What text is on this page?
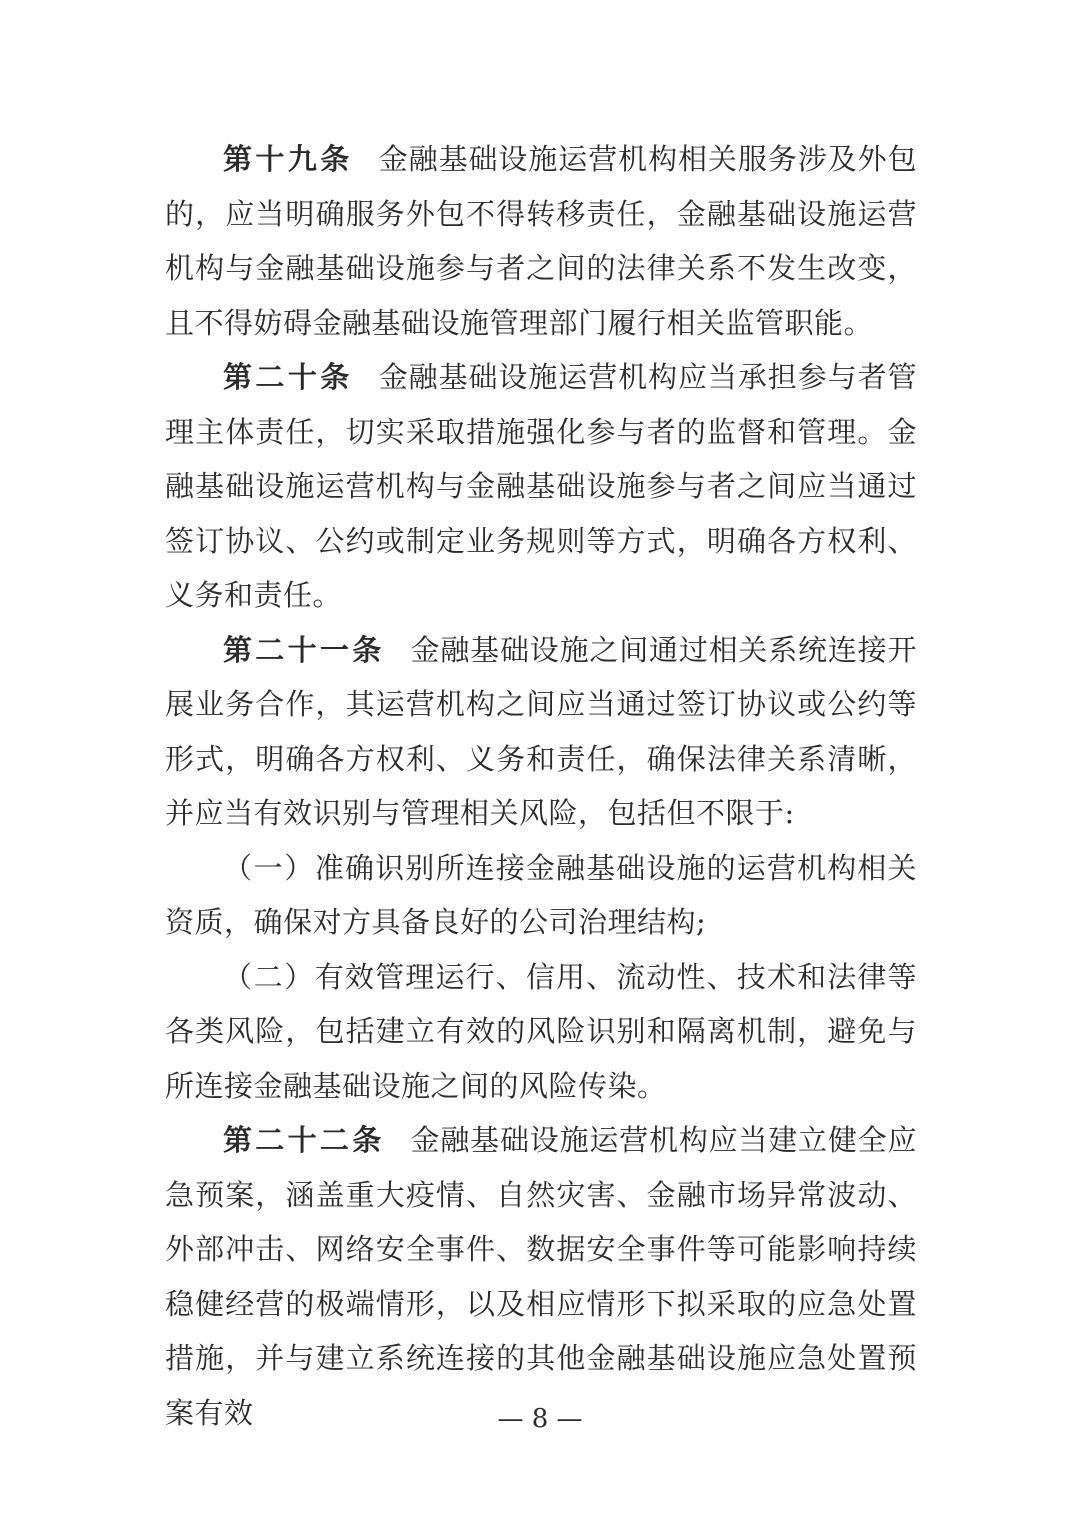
第十九条 金融基础设施运营机构相关服务涉及外包的，应当明确服务外包不得转移责任，金融基础设施运营机构与金融基础设施参与者之间的法律关系不发生改变，且不得妨碍金融基础设施管理部门履行相关监管职能。

第二十条 金融基础设施运营机构应当承担参与者管理主体责任，切实采取措施强化参与者的监督和管理。金融基础设施运营机构与金融基础设施参与者之间应当通过签订协议、公约或制定业务规则等方式，明确各方权利、义务和责任。

第二十一条 金融基础设施之间通过相关系统连接开展业务合作，其运营机构之间应当通过签订协议或公约等形式，明确各方权利、义务和责任，确保法律关系清晰，并应当有效识别与管理相关风险，包括但不限于:

（一）准确识别所连接金融基础设施的运营机构相关资质，确保对方具备良好的公司治理结构;

（二）有效管理运行、信用、流动性、技术和法律等各类风险，包括建立有效的风险识别和隔离机制，避免与所连接金融基础设施之间的风险传染。

第二十二条 金融基础设施运营机构应当建立健全应急预案，涵盖重大疫情、自然灾害、金融市场异常波动、外部冲击、网络安全事件、数据安全事件等可能影响持续稳健经营的极端情形，以及相应情形下拟采取的应急处置措施，并与建立系统连接的其他金融基础设施应急处置预案有效	— 8 —
